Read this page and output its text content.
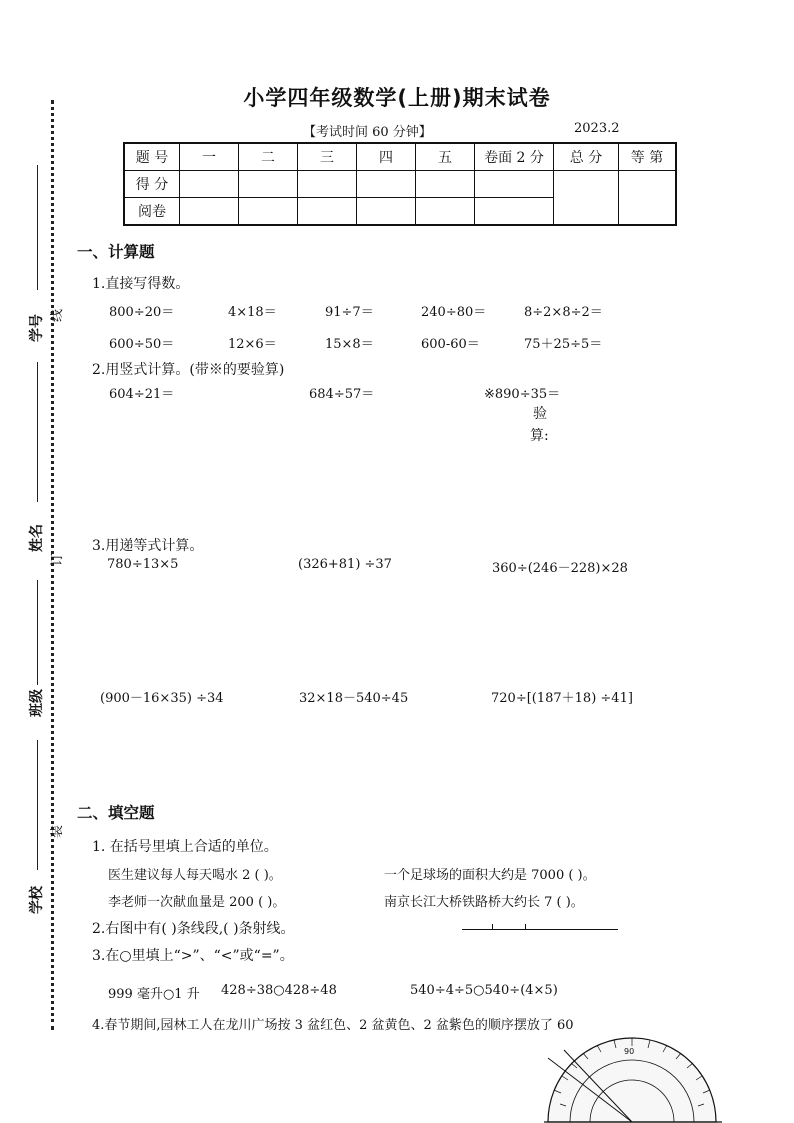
学号
姓名
班级
学校
线
订
装
小学四年级数学(上册)期末试卷
【考试时间 60 分钟】	2023.2
题 号	一	二	三	四	五	卷面 2 分	总 分	等 第
得 分								
阅卷								
一、计算题
1.直接写得数。
800÷20＝	4×18＝	91÷7＝	240÷80＝	8÷2×8÷2＝
600÷50＝	12×6＝	15×8＝	600-60＝	75＋25÷5＝
2.用竖式计算。(带※的要验算)
604÷21＝	684÷57＝	※890÷35＝
验
算:
3.用递等式计算。
780÷13×5	(326+81) ÷37	360÷(246－228)×28
(900－16×35) ÷34	32×18－540÷45	720÷[(187＋18) ÷41]
二、填空题
1. 在括号里填上合适的单位。
医生建议每人每天喝水 2 ( )。	一个足球场的面积大约是 7000 ( )。
李老师一次献血量是 200 ( )。	南京长江大桥铁路桥大约长 7 ( )。
2.右图中有( )条线段,( )条射线。
3.在○里填上“>”、“<”或“=”。
999 毫升○1 升 428÷38○428÷48	540÷4÷5○540÷(4×5)
4.春节期间,园林工人在龙川广场按 3 盆红色、2 盆黄色、2 盆紫色的顺序摆放了 60
90
